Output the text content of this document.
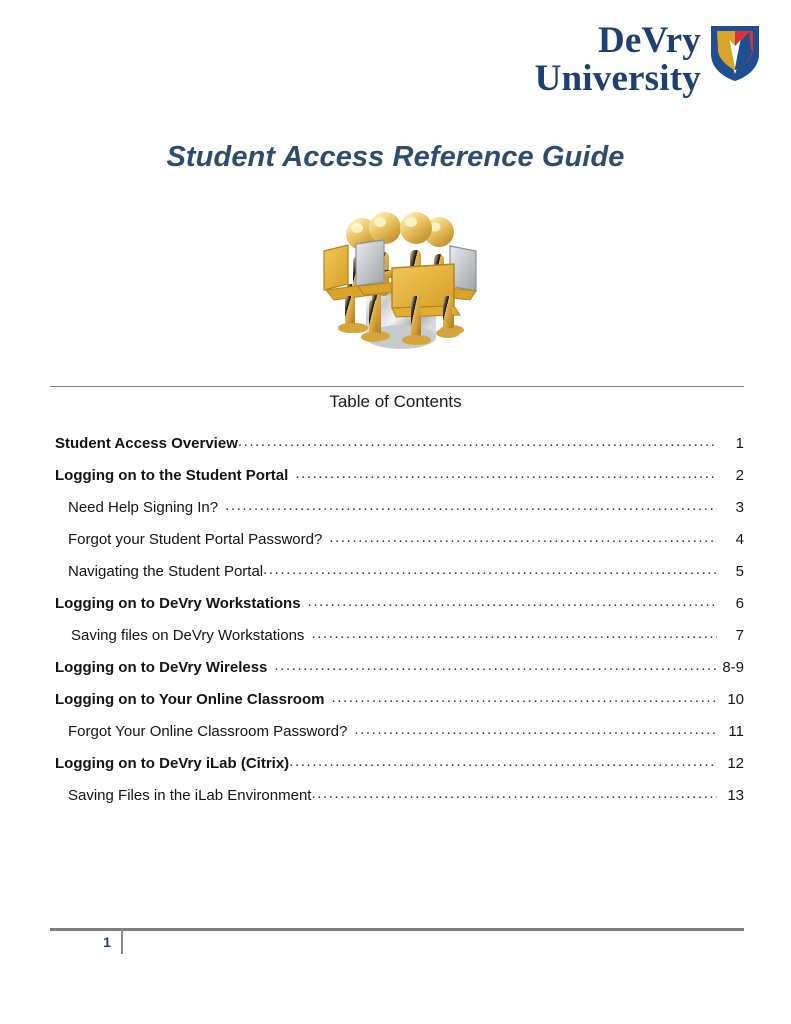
DeVry
University
Student Access Reference Guide
Table of Contents
Student Access Overview .....	1
Logging on to the Student Portal .....	2
Need Help Signing In? .....	3
Forgot your Student Portal Password? .....	4
Navigating the Student Portal .....	5
Logging on to DeVry Workstations .....	6
Saving files on DeVry Workstations .....	7
Logging on to DeVry Wireless .....	8-9
Logging on to Your Online Classroom .....	10
Forgot Your Online Classroom Password? .....	11
Logging on to DeVry iLab (Citrix) .....	12
Saving Files in the iLab Environment .....	13
1
